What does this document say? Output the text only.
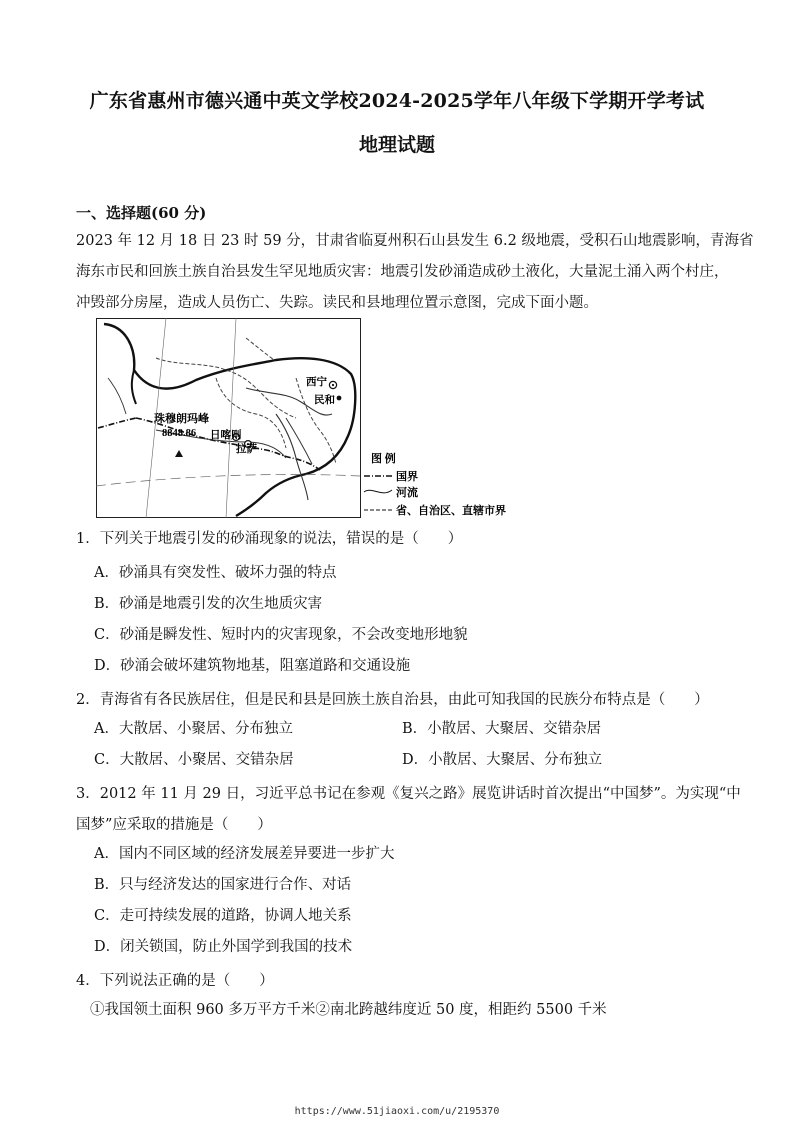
广东省惠州市德兴通中英文学校2024-2025学年八年级下学期开学考试
地理试题
一、选择题(60 分)
2023 年 12 月 18 日 23 时 59 分，甘肃省临夏州积石山县发生 6.2 级地震，受积石山地震影响，青海省
海东市民和回族土族自治县发生罕见地质灾害：地震引发砂涌造成砂土液化，大量泥土涌入两个村庄，
冲毁部分房屋，造成人员伤亡、失踪。读民和县地理位置示意图，完成下面小题。
珠穆朗玛峰
8848.86 日喀则
拉萨
西宁
民和
图 例
国界
河流
省、自治区、直辖市界
1．下列关于地震引发的砂涌现象的说法，错误的是（　　）
A．砂涌具有突发性、破坏力强的特点
B．砂涌是地震引发的次生地质灾害
C．砂涌是瞬发性、短时内的灾害现象，不会改变地形地貌
D．砂涌会破坏建筑物地基，阻塞道路和交通设施
2．青海省有各民族居住，但是民和县是回族土族自治县，由此可知我国的民族分布特点是（　　）
A．大散居、小聚居、分布独立	B．小散居、大聚居、交错杂居
C．大散居、小聚居、交错杂居	D．小散居、大聚居、分布独立
3．2012 年 11 月 29 日，习近平总书记在参观《复兴之路》展览讲话时首次提出“中国梦”。为实现“中
国梦”应采取的措施是（　　）
A．国内不同区域的经济发展差异要进一步扩大
B．只与经济发达的国家进行合作、对话
C．走可持续发展的道路，协调人地关系
D．闭关锁国，防止外国学到我国的技术
4．下列说法正确的是（　　）
①我国领土面积 960 多万平方千米②南北跨越纬度近 50 度，相距约 5500 千米
https://www.51jiaoxi.com/u/2195370
